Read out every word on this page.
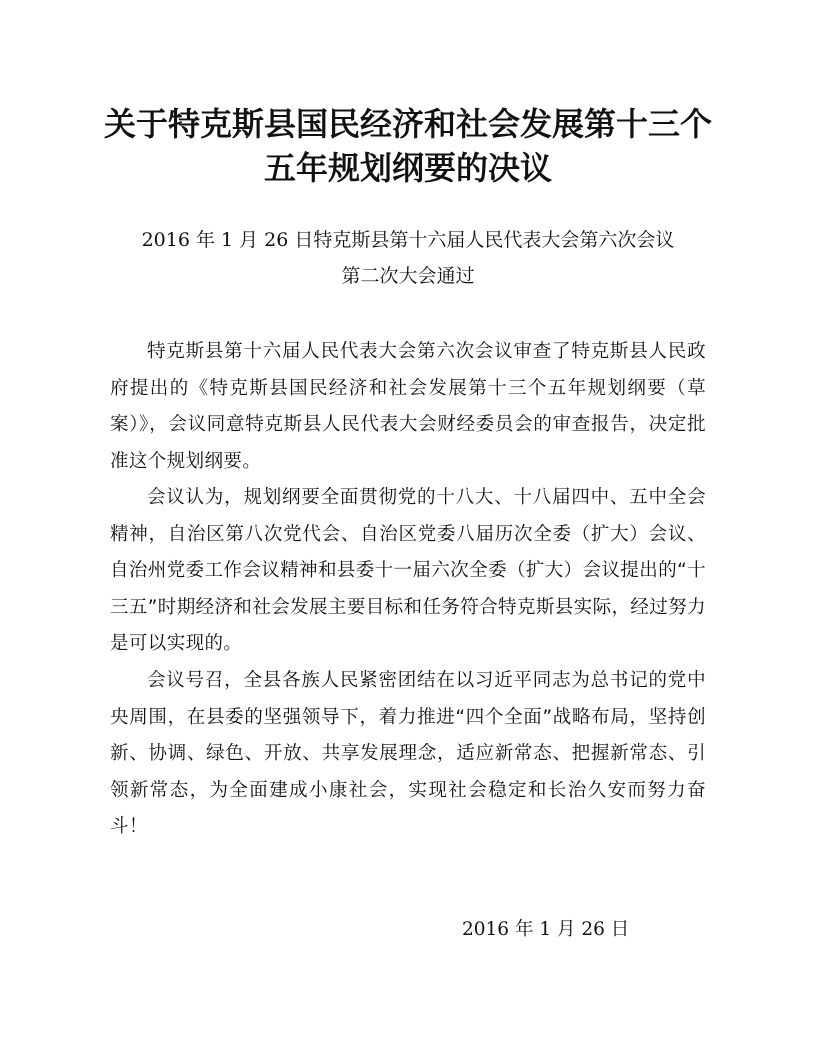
关于特克斯县国民经济和社会发展第十三个
五年规划纲要的决议
2016 年 1 月 26 日特克斯县第十六届人民代表大会第六次会议
第二次大会通过

特克斯县第十六届人民代表大会第六次会议审查了特克斯县人民政府提出的《特克斯县国民经济和社会发展第十三个五年规划纲要（草案）》，会议同意特克斯县人民代表大会财经委员会的审查报告，决定批准这个规划纲要。

会议认为，规划纲要全面贯彻党的十八大、十八届四中、五中全会精神，自治区第八次党代会、自治区党委八届历次全委（扩大）会议、自治州党委工作会议精神和县委十一届六次全委（扩大）会议提出的“十三五”时期经济和社会发展主要目标和任务符合特克斯县实际，经过努力是可以实现的。

会议号召，全县各族人民紧密团结在以习近平同志为总书记的党中央周围，在县委的坚强领导下，着力推进“四个全面”战略布局，坚持创新、协调、绿色、开放、共享发展理念，适应新常态、把握新常态、引领新常态，为全面建成小康社会，实现社会稳定和长治久安而努力奋斗！

2016 年 1 月 26 日
